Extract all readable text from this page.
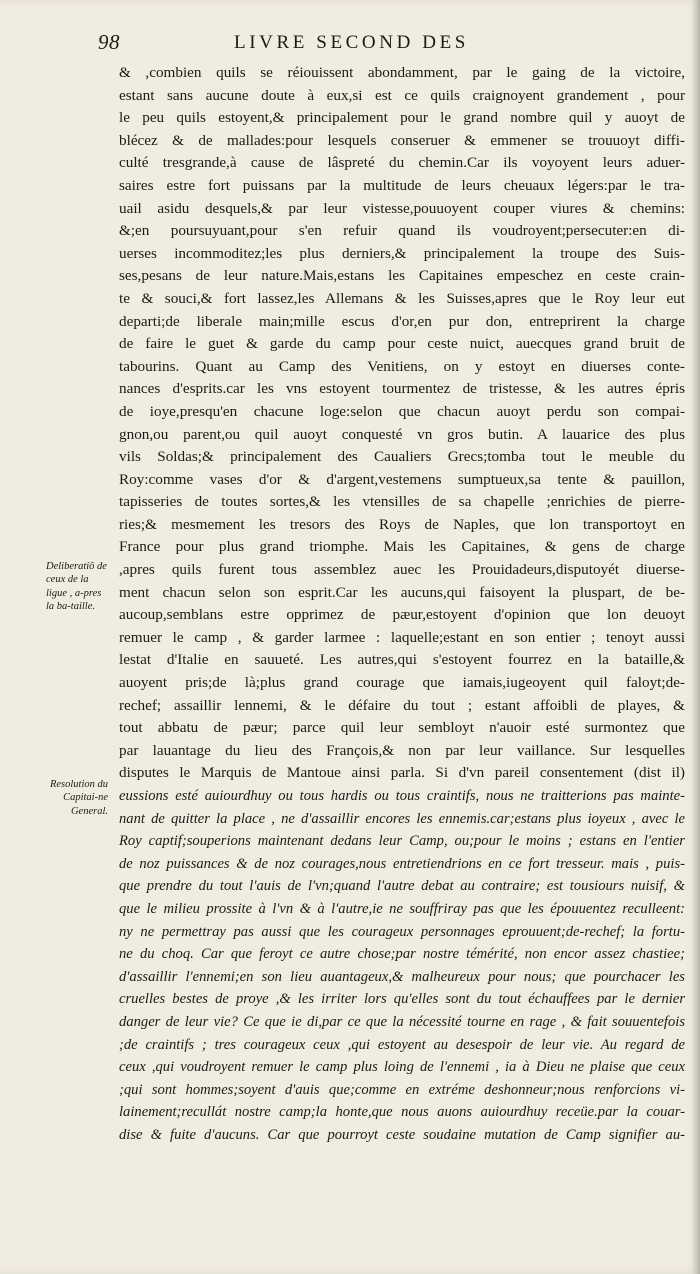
98	LIVRE SECOND DES
& ,combien quils se réiouissent abondamment, par le gaing de la victoire,
estant sans aucune doute à eux,si est ce quils craignoyent grandement , pour
le peu quils estoyent,& principalement pour le grand nombre quil y auoyt de
blécez & de mallades:pour lesquels conseruer & emmener se trouuoyt diffi-
culté tresgrande,à cause de lâspreté du chemin.Car ils voyoyent leurs aduer-
saires estre fort puissans par la multitude de leurs cheuaux légers:par le tra-
uail asidu desquels,& par leur vistesse,pouuoyent couper viures & chemins:
&;en poursuyuant,pour s'en refuir quand ils voudroyent;persecuter:en di-
uerses incommoditez;les plus derniers,& principalement la troupe des Suis-
ses,pesans de leur nature.Mais,estans les Capitaines empeschez en ceste crain-
te & souci,& fort lassez,les Allemans & les Suisses,apres que le Roy leur eut
departi;de liberale main;mille escus d'or,en pur don, entreprirent la charge
de faire le guet & garde du camp pour ceste nuict, auecques grand bruit de
tabourins. Quant au Camp des Venitiens, on y estoyt en diuerses conte-
nances d'esprits.car les vns estoyent tourmentez de tristesse, & les autres épris
de ioye,presqu'en chacune loge:selon que chacun auoyt perdu son compai-
gnon,ou parent,ou quil auoyt conquesté vn gros butin. A lauarice des plus
vils Soldas;& principalement des Caualiers Grecs;tomba tout le meuble du
Roy:comme vases d'or & d'argent,vestemens sumptueux,sa tente & pauillon,
tapisseries de toutes sortes,& les vtensilles de sa chapelle ;enrichies de pierre-
ries;& mesmement les tresors des Roys de Naples, que lon transportoyt en
France pour plus grand triomphe. Mais les Capitaines, & gens de charge
,apres quils furent tous assemblez auec les Prouidadeurs,disputoyét diuerse-
ment chacun selon son esprit.Car les aucuns,qui faisoyent la pluspart, de be-
aucoup,semblans estre opprimez de pæur,estoyent d'opinion que lon deuoyt
remuer le camp , & garder larmee : laquelle;estant en son entier ; tenoyt aussi
lestat d'Italie en sauueté. Les autres,qui s'estoyent fourrez en la bataille,&
auoyent pris;de là;plus grand courage que iamais,iugeoyent quil faloyt;de-
rechef; assaillir lennemi, & le défaire du tout ; estant affoibli de playes, &
tout abbatu de pæur; parce quil leur sembloyt n'auoir esté surmontez que
par lauantage du lieu des François,& non par leur vaillance. Sur lesquelles
disputes le Marquis de Mantoue ainsi parla. Si d'vn pareil consentement (dist il)
eussions esté auiourdhuy ou tous hardis ou tous craintifs, nous ne traitterions pas mainte-
nant de quitter la place , ne d'assaillir encores les ennemis.car;estans plus ioyeux , avec le
Roy captif;souperions maintenant dedans leur Camp, ou;pour le moins ; estans en l'entier
de noz puissances & de noz courages,nous entretiendrions en ce fort tresseur. mais , puis-
que prendre du tout l'auis de l'vn;quand l'autre debat au contraire; est tousiours nuisif, &
que le milieu prossite à l'vn & à l'autre,ie ne souffriray pas que les épouuentez reculleent:
ny ne permettray pas aussi que les courageux personnages eprouuent;de-rechef; la fortu-
ne du choq. Car que feroyt ce autre chose;par nostre témérité, non encor assez chastiee;
d'assaillir l'ennemi;en son lieu auantageux,& malheureux pour nous; que pourchacer les
cruelles bestes de proye ,& les irriter lors qu'elles sont du tout échauffees par le dernier
danger de leur vie? Ce que ie di,par ce que la nécessité tourne en rage , & fait souuentefois
;de craintifs ; tres courageux ceux ,qui estoyent au desespoir de leur vie. Au regard de
ceux ,qui voudroyent remuer le camp plus loing de l'ennemi , ia à Dieu ne plaise que ceux
;qui sont hommes;soyent d'auis que;comme en extréme deshonneur;nous renforcions vi-
lainement;recullát nostre camp;la honte,que nous auons auiourdhuy receüe.par la couar-
dise & fuite d'aucuns. Car que pourroyt ceste soudaine mutation de Camp signifier au-
Deliberatiô de ceux de la ligue , a-pres la ba-taille.
Resolution du Capitai-ne General.
